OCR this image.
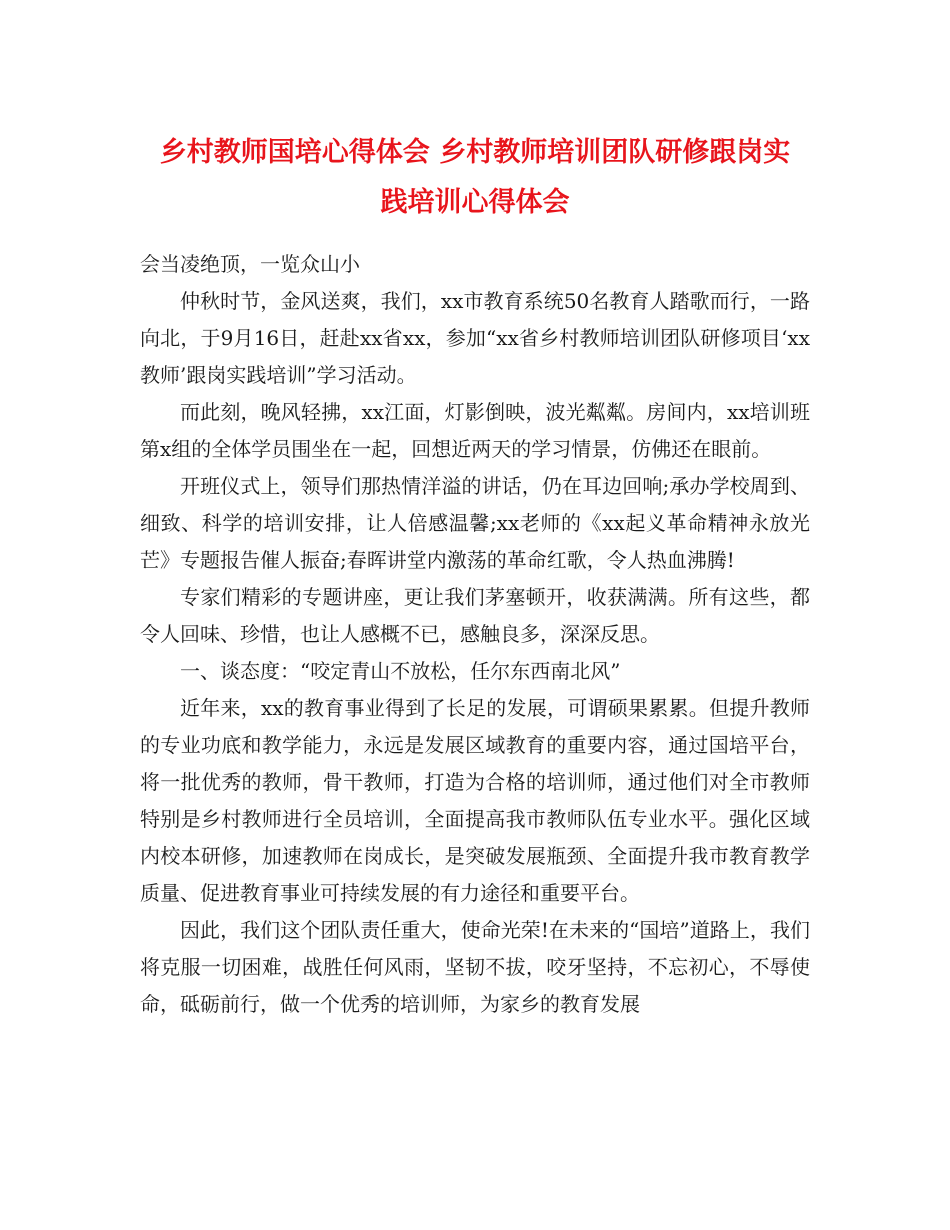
乡村教师国培心得体会 乡村教师培训团队研修跟岗实
践培训心得体会

会当凌绝顶，一览众山小

仲秋时节，金风送爽，我们，xx市教育系统50名教育人踏歌而行，一路向北，于9月16日，赶赴xx省xx，参加“xx省乡村教师培训团队研修项目‘xx教师’跟岗实践培训”学习活动。

而此刻，晚风轻拂，xx江面，灯影倒映，波光粼粼。房间内，xx培训班第x组的全体学员围坐在一起，回想近两天的学习情景，仿佛还在眼前。

开班仪式上，领导们那热情洋溢的讲话，仍在耳边回响;承办学校周到、细致、科学的培训安排，让人倍感温馨;xx老师的《xx起义革命精神永放光芒》专题报告催人振奋;春晖讲堂内激荡的革命红歌，令人热血沸腾!

专家们精彩的专题讲座，更让我们茅塞顿开，收获满满。所有这些，都令人回味、珍惜，也让人感概不已，感触良多，深深反思。

一、谈态度：“咬定青山不放松，任尔东西南北风”

近年来，xx的教育事业得到了长足的发展，可谓硕果累累。但提升教师的专业功底和教学能力，永远是发展区域教育的重要内容，通过国培平台，将一批优秀的教师，骨干教师，打造为合格的培训师，通过他们对全市教师特别是乡村教师进行全员培训，全面提高我市教师队伍专业水平。强化区域内校本研修，加速教师在岗成长，是突破发展瓶颈、全面提升我市教育教学质量、促进教育事业可持续发展的有力途径和重要平台。

因此，我们这个团队责任重大，使命光荣!在未来的“国培”道路上，我们将克服一切困难，战胜任何风雨，坚韧不拔，咬牙坚持，不忘初心，不辱使命，砥砺前行，做一个优秀的培训师，为家乡的教育发展
